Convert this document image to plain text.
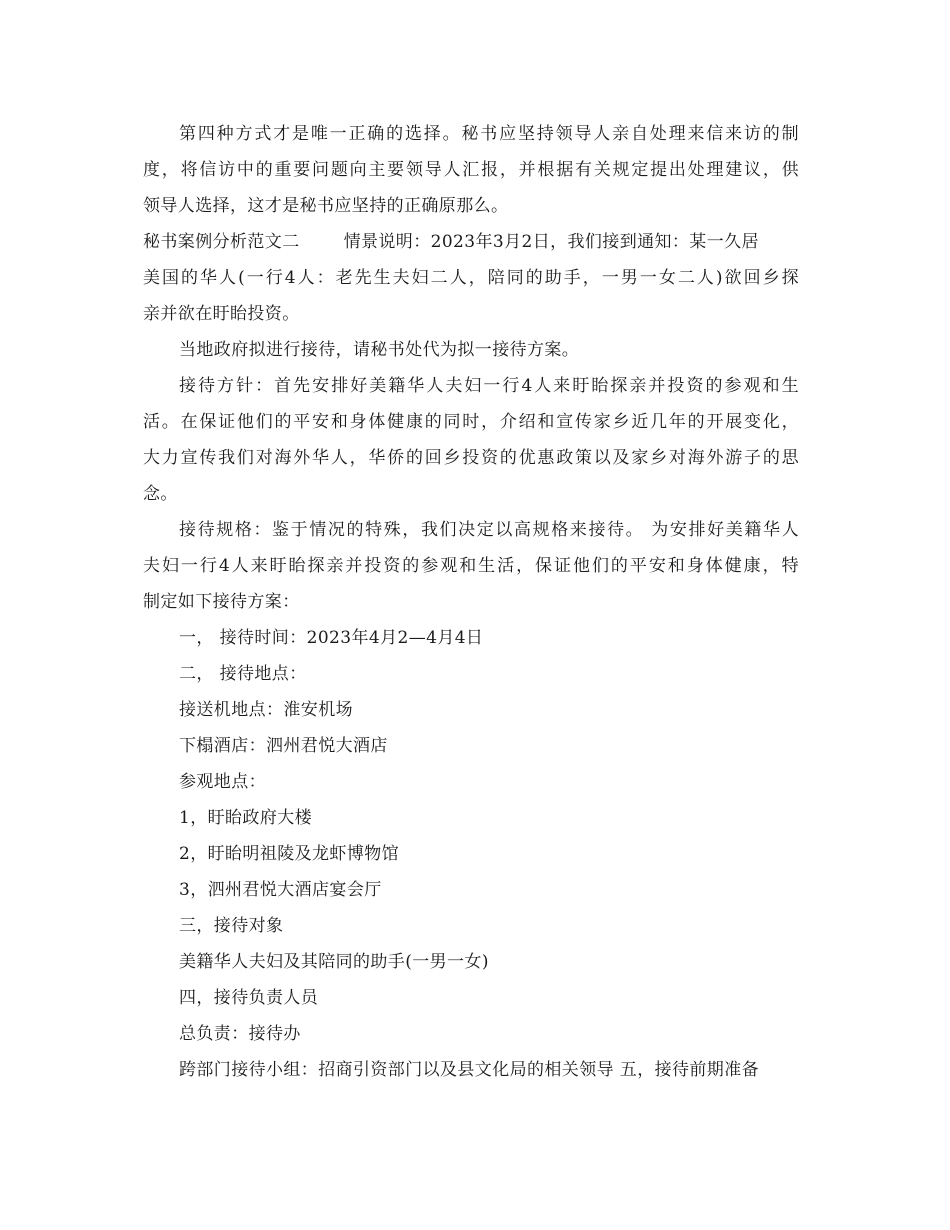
第四种方式才是唯一正确的选择。秘书应坚持领导人亲自处理来信来访的制
度，将信访中的重要问题向主要领导人汇报，并根据有关规定提出处理建议，供
领导人选择，这才是秘书应坚持的正确原那么。
秘书案例分析范文二	情景说明：2023年3月2日，我们接到通知：某一久居
美国的华人(一行4人：老先生夫妇二人，陪同的助手，一男一女二人)欲回乡探
亲并欲在盱眙投资。
当地政府拟进行接待，请秘书处代为拟一接待方案。
接待方针：首先安排好美籍华人夫妇一行4人来盱眙探亲并投资的参观和生
活。在保证他们的平安和身体健康的同时，介绍和宣传家乡近几年的开展变化，
大力宣传我们对海外华人，华侨的回乡投资的优惠政策以及家乡对海外游子的思
念。
接待规格：鉴于情况的特殊，我们决定以高规格来接待。 为安排好美籍华人
夫妇一行4人来盱眙探亲并投资的参观和生活，保证他们的平安和身体健康，特
制定如下接待方案：
一， 接待时间：2023年4月2—4月4日
二， 接待地点：
接送机地点：淮安机场
下榻酒店：泗州君悦大酒店
参观地点：
1，盱眙政府大楼
2，盱眙明祖陵及龙虾博物馆
3，泗州君悦大酒店宴会厅
三，接待对象
美籍华人夫妇及其陪同的助手(一男一女)
四，接待负责人员
总负责：接待办
跨部门接待小组：招商引资部门以及县文化局的相关领导 五，接待前期准备
